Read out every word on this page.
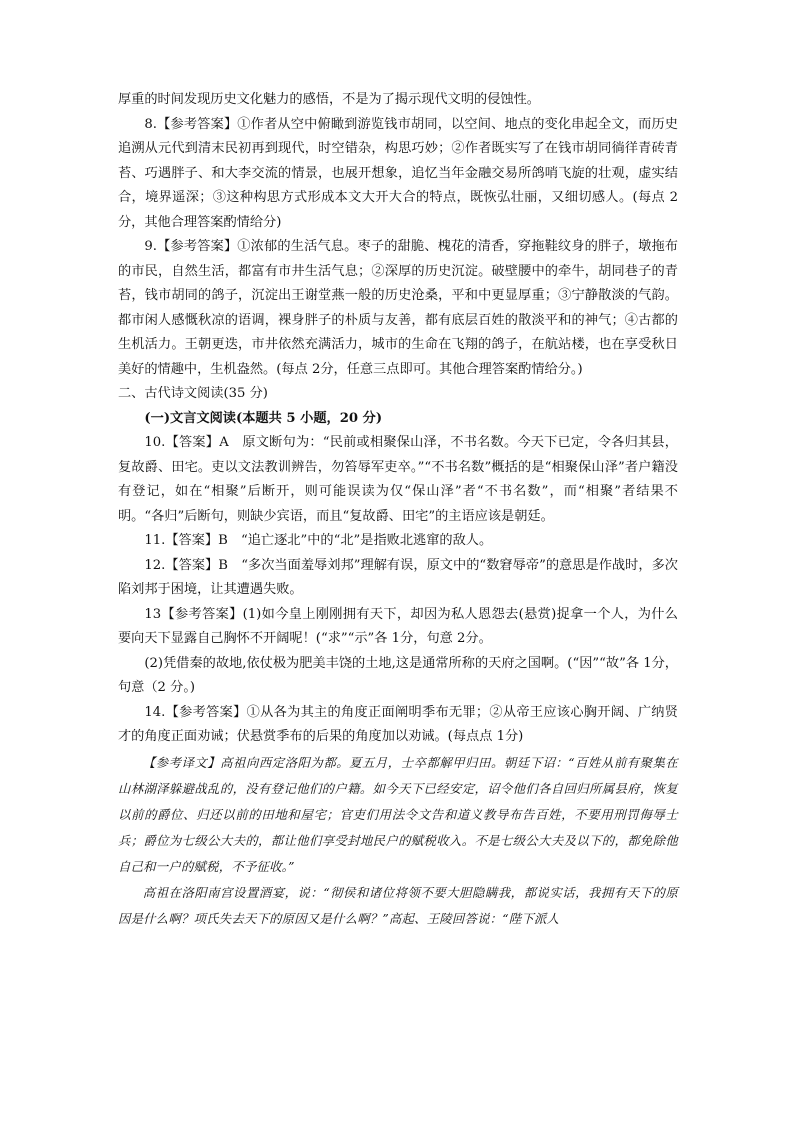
厚重的时间发现历史文化魅力的感悟，不是为了揭示现代文明的侵蚀性。

8.【参考答案】①作者从空中俯瞰到游览钱市胡同，以空间、地点的变化串起全文，而历史追溯从元代到清末民初再到现代，时空错杂，构思巧妙；②作者既实写了在钱市胡同徜徉青砖青苔、巧遇胖子、和大李交流的情景，也展开想象，追忆当年金融交易所鸽哨飞旋的壮观，虚实结合，境界遥深；③这种构思方式形成本文大开大合的特点，既恢弘壮丽，又细切感人。(每点 2分，其他合理答案酌情给分)

9.【参考答案】①浓郁的生活气息。枣子的甜脆、槐花的清香，穿拖鞋纹身的胖子，墩拖布的市民，自然生活，都富有市井生活气息；②深厚的历史沉淀。破壁腰中的牵牛，胡同巷子的青苔，钱市胡同的鸽子，沉淀出王谢堂燕一般的历史沧桑，平和中更显厚重；③宁静散淡的气韵。都市闲人感慨秋凉的语调，裸身胖子的朴质与友善，都有底层百姓的散淡平和的神气；④古都的生机活力。王朝更迭，市井依然充满活力，城市的生命在飞翔的鸽子，在航站楼，也在享受秋日美好的情趣中，生机盎然。(每点 2分，任意三点即可。其他合理答案酌情给分。)

二、古代诗文阅读(35 分)

(一)文言文阅读(本题共 5 小题，20 分)

10.【答案】A　原文断句为：“民前或相聚保山泽，不书名数。今天下已定，令各归其县，复故爵、田宅。吏以文法教训辨告，勿笞辱军吏卒。”“不书名数”概括的是“相聚保山泽”者户籍没有登记，如在“相聚”后断开，则可能误读为仅“保山泽”者“不书名数”，而“相聚”者结果不明。“各归”后断句，则缺少宾语，而且“复故爵、田宅”的主语应该是朝廷。

11.【答案】B　“追亡逐北”中的“北”是指败北逃窜的敌人。

12.【答案】B　“多次当面羞辱刘邦”理解有误，原文中的“数窘辱帝”的意思是作战时，多次陷刘邦于困境，让其遭遇失败。

13【参考答案】(1)如今皇上刚刚拥有天下，却因为私人恩怨去(悬赏)捉拿一个人，为什么要向天下显露自己胸怀不开阔呢！(“求”“示”各 1分，句意 2分。

(2)凭借秦的故地,依仗极为肥美丰饶的土地,这是通常所称的天府之国啊。(“因”“故”各 1分，句意（2 分。)

14.【参考答案】①从各为其主的角度正面阐明季布无罪；②从帝王应该心胸开阔、广纳贤才的角度正面劝诫；伏悬赏季布的后果的角度加以劝诫。(每点点 1分)

【参考译文】高祖向西定洛阳为都。夏五月，士卒都解甲归田。朝廷下诏：“百姓从前有聚集在山林湖泽躲避战乱的，没有登记他们的户籍。如今天下已经安定，诏令他们各自回归所属县府，恢复以前的爵位、归还以前的田地和屋宅；官吏们用法令文告和道义教导布告百姓，不要用刑罚侮辱士兵；爵位为七级公大夫的，都让他们享受封地民户的赋税收入。不是七级公大夫及以下的，都免除他自己和一户的赋税，不予征收。”

高祖在洛阳南宫设置酒宴，说：“彻侯和诸位将领不要大胆隐瞒我，都说实话，我拥有天下的原因是什么啊？项氏失去天下的原因又是什么啊？”高起、王陵回答说：“陛下派人
